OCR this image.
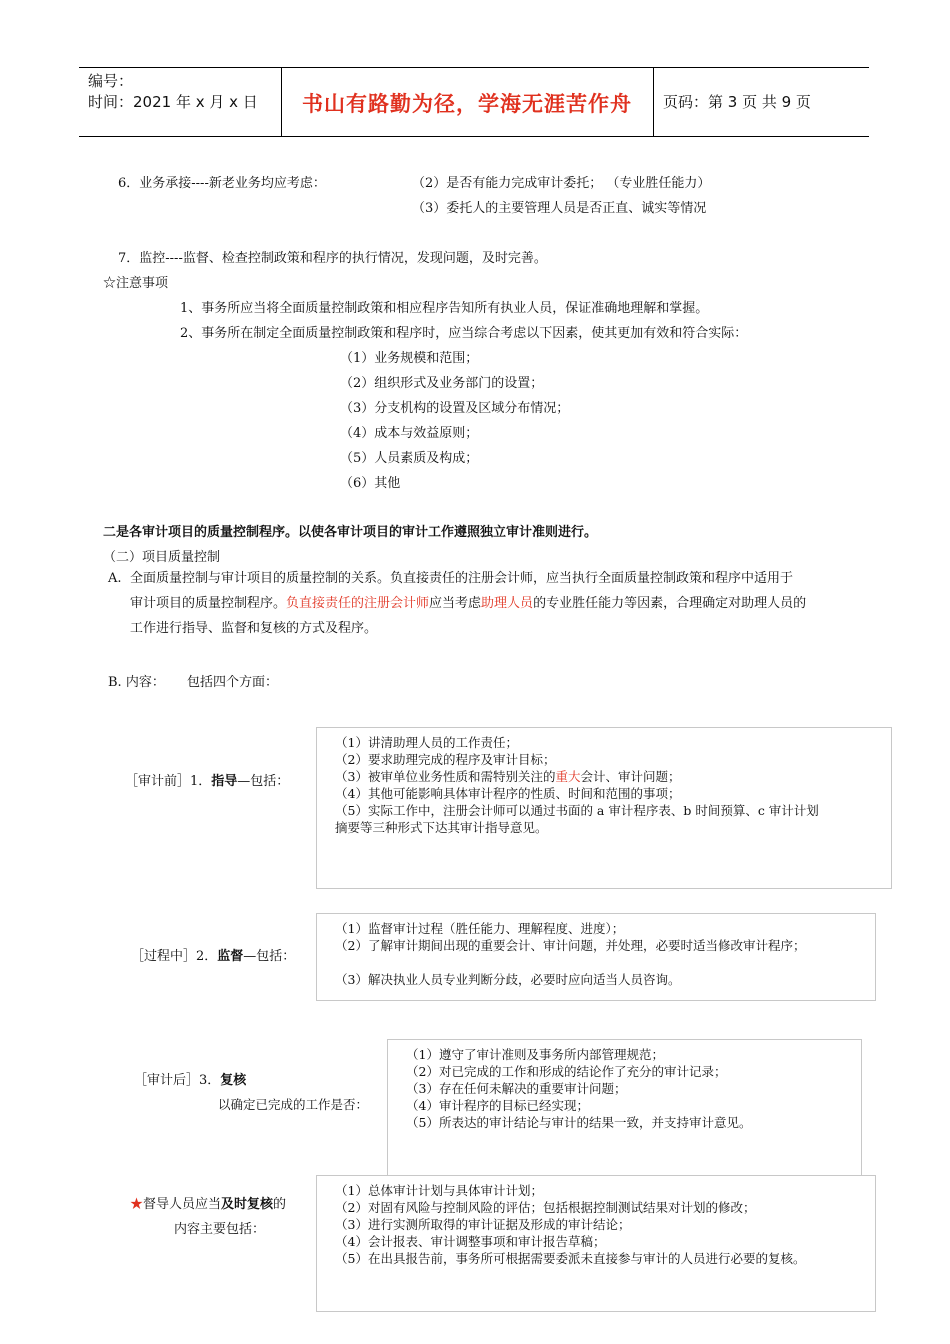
编号：
时间：2021 年 x 月 x 日	书山有路勤为径，学海无涯苦作舟	页码：第 3 页 共 9 页
6．业务承接----新老业务均应考虑：	（2）是否有能力完成审计委托； （专业胜任能力）
（3）委托人的主要管理人员是否正直、诚实等情况
7．监控----监督、检查控制政策和程序的执行情况，发现问题，及时完善。
☆注意事项
1、事务所应当将全面质量控制政策和相应程序告知所有执业人员，保证准确地理解和掌握。
2、事务所在制定全面质量控制政策和程序时，应当综合考虑以下因素，使其更加有效和符合实际：
（1）业务规模和范围；
（2）组织形式及业务部门的设置；
（3）分支机构的设置及区域分布情况；
（4）成本与效益原则；
（5）人员素质及构成；
（6）其他
二是各审计项目的质量控制程序。以使各审计项目的审计工作遵照独立审计准则进行。
（二）项目质量控制
A. 全面质量控制与审计项目的质量控制的关系。负直接责任的注册会计师，应当执行全面质量控制政策和程序中适用于
审计项目的质量控制程序。负直接责任的注册会计师应当考虑助理人员的专业胜任能力等因素，合理确定对助理人员的
工作进行指导、监督和复核的方式及程序。
B. 内容： 包括四个方面：
［审计前］1．指导—包括：
（1）讲清助理人员的工作责任；
（2）要求助理完成的程序及审计目标；
（3）被审单位业务性质和需特别关注的重大会计、审计问题；
（4）其他可能影响具体审计程序的性质、时间和范围的事项；
（5）实际工作中，注册会计师可以通过书面的 a 审计程序表、b 时间预算、c 审计计划
摘要等三种形式下达其审计指导意见。
［过程中］2．监督—包括：
（1）监督审计过程（胜任能力、理解程度、进度）；
（2）了解审计期间出现的重要会计、审计问题，并处理，必要时适当修改审计程序；
（3）解决执业人员专业判断分歧，必要时应向适当人员咨询。
［审计后］3．复核
以确定已完成的工作是否：
（1）遵守了审计准则及事务所内部管理规范；
（2）对已完成的工作和形成的结论作了充分的审计记录；
（3）存在任何未解决的重要审计问题；
（4）审计程序的目标已经实现；
（5）所表达的审计结论与审计的结果一致，并支持审计意见。
★督导人员应当及时复核的
内容主要包括：
（1）总体审计计划与具体审计计划；
（2）对固有风险与控制风险的评估；包括根据控制测试结果对计划的修改；
（3）进行实测所取得的审计证据及形成的审计结论；
（4）会计报表、审计调整事项和审计报告草稿；
（5）在出具报告前，事务所可根据需要委派未直接参与审计的人员进行必要的复核。
